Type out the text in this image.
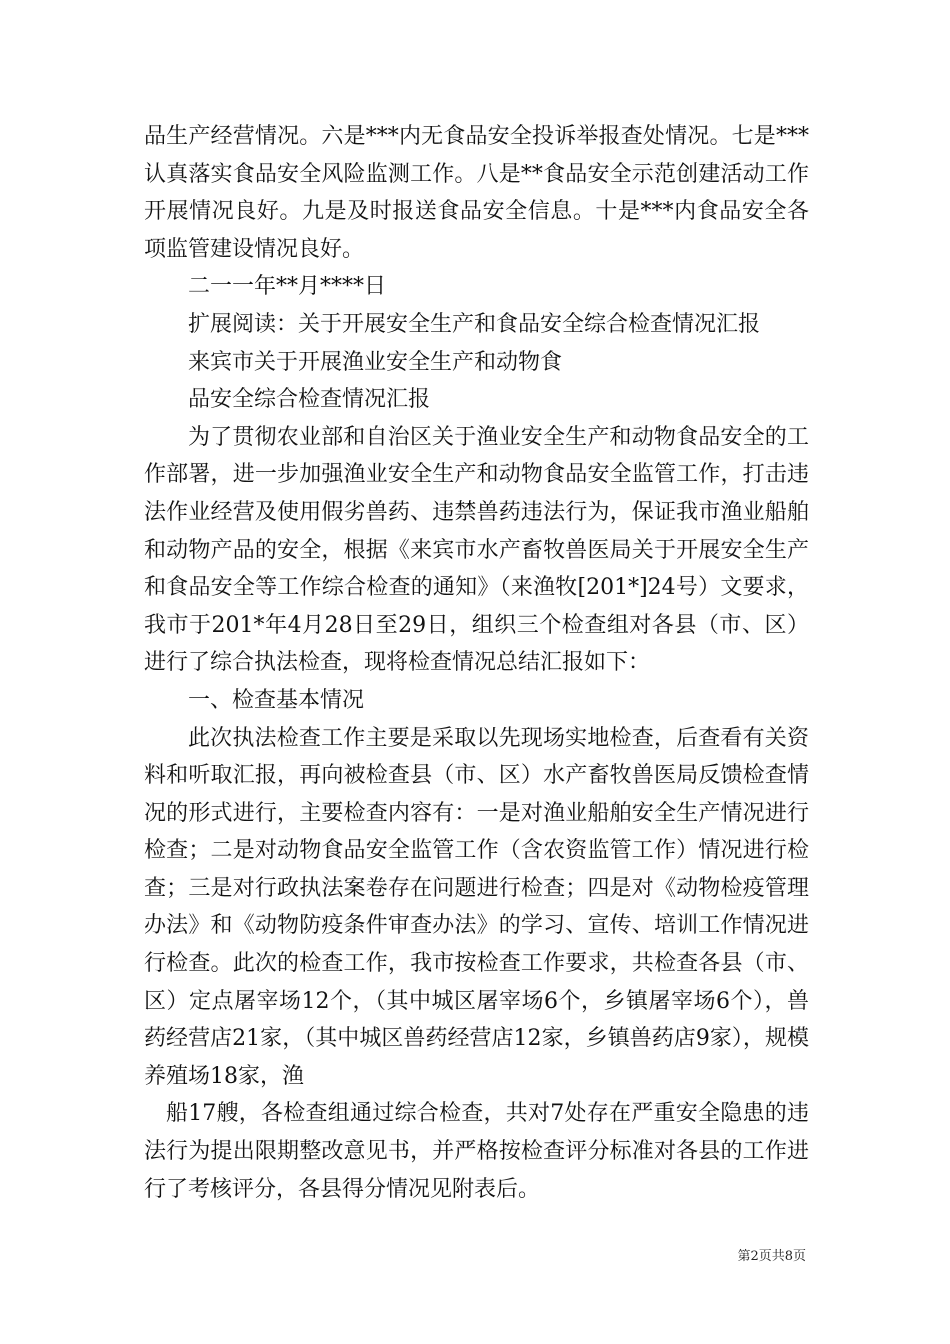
品生产经营情况。六是***内无食品安全投诉举报查处情况。七是***认真落实食品安全风险监测工作。八是**食品安全示范创建活动工作开展情况良好。九是及时报送食品安全信息。十是***内食品安全各项监管建设情况良好。

二一一年**月****日

扩展阅读：关于开展安全生产和食品安全综合检查情况汇报

来宾市关于开展渔业安全生产和动物食

品安全综合检查情况汇报

为了贯彻农业部和自治区关于渔业安全生产和动物食品安全的工作部署，进一步加强渔业安全生产和动物食品安全监管工作，打击违法作业经营及使用假劣兽药、违禁兽药违法行为，保证我市渔业船舶和动物产品的安全，根据《来宾市水产畜牧兽医局关于开展安全生产和食品安全等工作综合检查的通知》（来渔牧[201*]24号）文要求，我市于201*年4月28日至29日，组织三个检查组对各县（市、区）进行了综合执法检查，现将检查情况总结汇报如下：

一、检查基本情况

此次执法检查工作主要是采取以先现场实地检查，后查看有关资料和听取汇报，再向被检查县（市、区）水产畜牧兽医局反馈检查情况的形式进行，主要检查内容有：一是对渔业船舶安全生产情况进行检查；二是对动物食品安全监管工作（含农资监管工作）情况进行检查；三是对行政执法案卷存在问题进行检查；四是对《动物检疫管理办法》和《动物防疫条件审查办法》的学习、宣传、培训工作情况进行检查。此次的检查工作，我市按检查工作要求，共检查各县（市、区）定点屠宰场12个，（其中城区屠宰场6个，乡镇屠宰场6个），兽药经营店21家，（其中城区兽药经营店12家，乡镇兽药店9家），规模养殖场18家，渔

船17艘，各检查组通过综合检查，共对7处存在严重安全隐患的违法行为提出限期整改意见书，并严格按检查评分标准对各县的工作进行了考核评分，各县得分情况见附表后。

第2页共8页
